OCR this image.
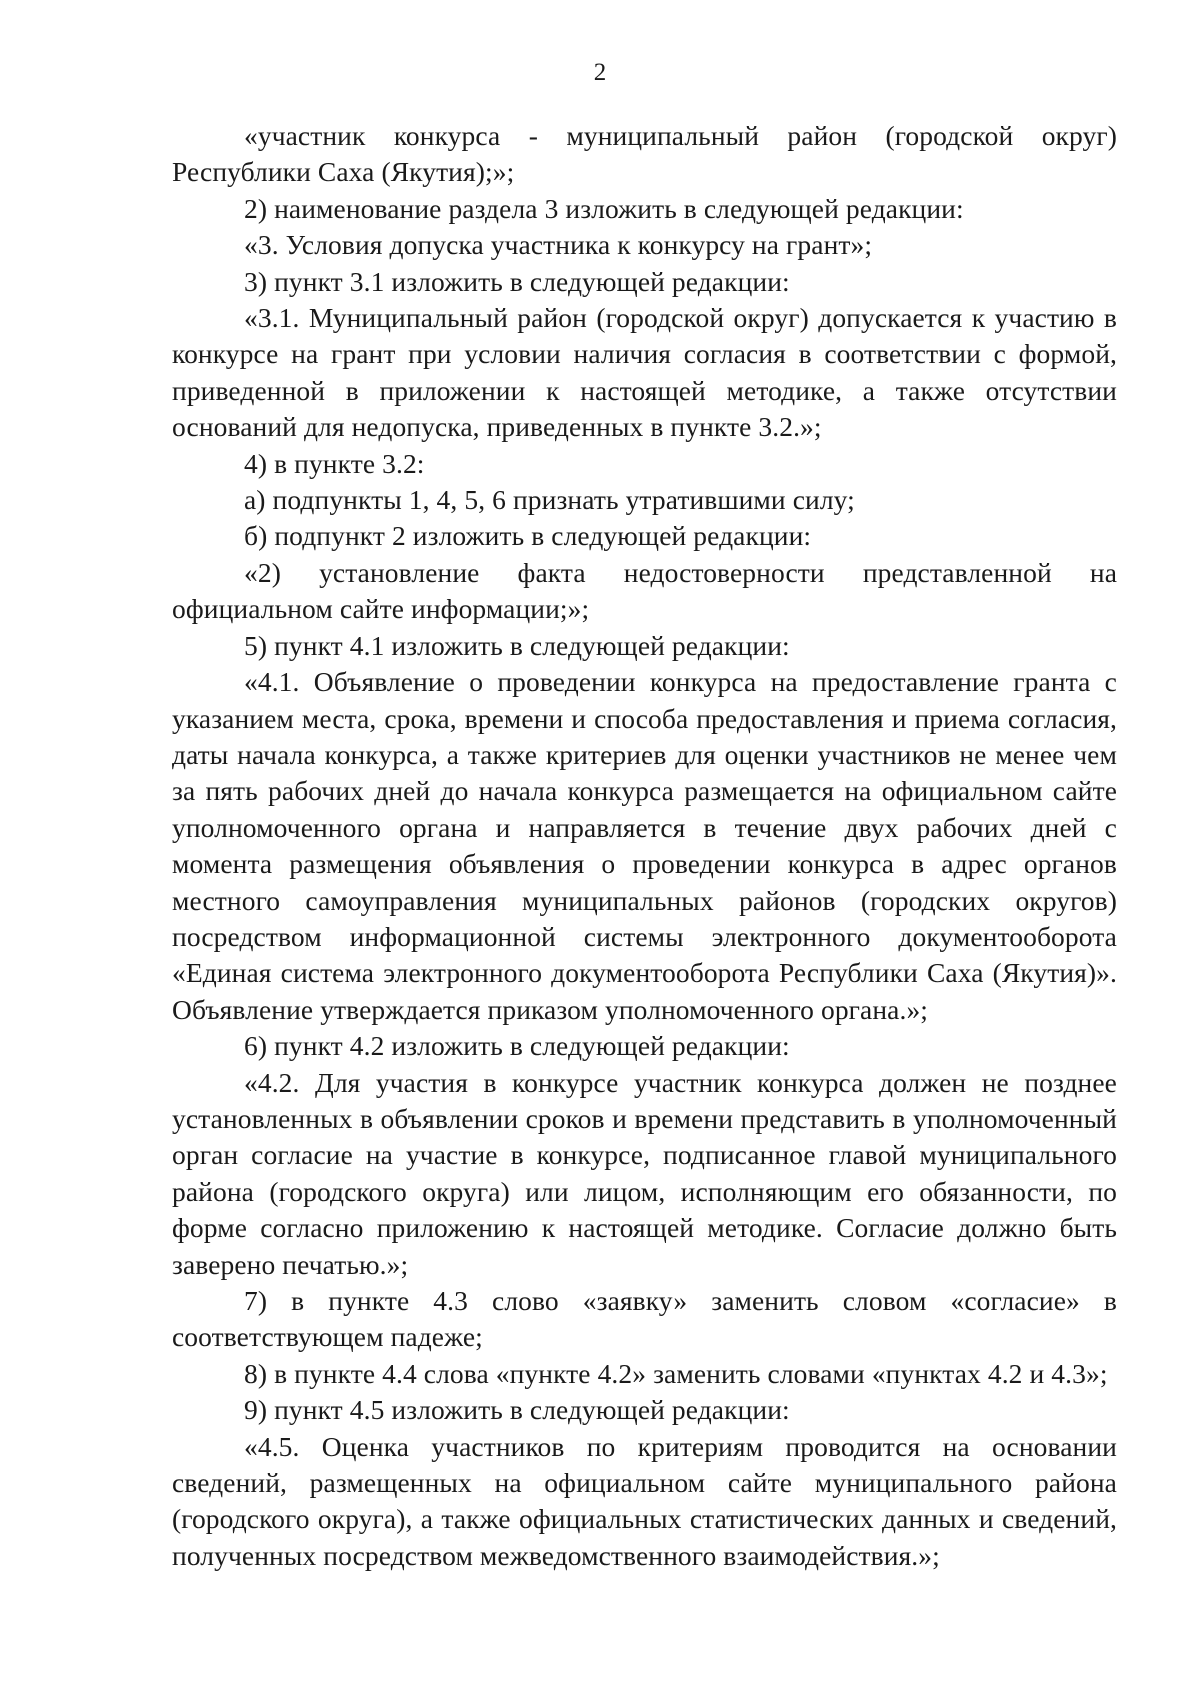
2

«участник конкурса - муниципальный район (городской округ) Республики Саха (Якутия);»;

2) наименование раздела 3 изложить в следующей редакции:

«3. Условия допуска участника к конкурсу на грант»;

3) пункт 3.1 изложить в следующей редакции:

«3.1. Муниципальный район (городской округ) допускается к участию в конкурсе на грант при условии наличия согласия в соответствии с формой, приведенной в приложении к настоящей методике, а также отсутствии оснований для недопуска, приведенных в пункте 3.2.»;

4) в пункте 3.2:

а) подпункты 1, 4, 5, 6 признать утратившими силу;

б) подпункт 2 изложить в следующей редакции:

«2) установление факта недостоверности представленной на официальном сайте информации;»;

5) пункт 4.1 изложить в следующей редакции:

«4.1. Объявление о проведении конкурса на предоставление гранта с указанием места, срока, времени и способа предоставления и приема согласия, даты начала конкурса, а также критериев для оценки участников не менее чем за пять рабочих дней до начала конкурса размещается на официальном сайте уполномоченного органа и направляется в течение двух рабочих дней с момента размещения объявления о проведении конкурса в адрес органов местного самоуправления муниципальных районов (городских округов) посредством информационной системы электронного документооборота «Единая система электронного документооборота Республики Саха (Якутия)». Объявление утверждается приказом уполномоченного органа.»;

6) пункт 4.2 изложить в следующей редакции:

«4.2. Для участия в конкурсе участник конкурса должен не позднее установленных в объявлении сроков и времени представить в уполномоченный орган согласие на участие в конкурсе, подписанное главой муниципального района (городского округа) или лицом, исполняющим его обязанности, по форме согласно приложению к настоящей методике. Согласие должно быть заверено печатью.»;

7) в пункте 4.3 слово «заявку» заменить словом «согласие» в соответствующем падеже;

8) в пункте 4.4 слова «пункте 4.2» заменить словами «пунктах 4.2 и 4.3»;

9) пункт 4.5 изложить в следующей редакции:

«4.5. Оценка участников по критериям проводится на основании сведений, размещенных на официальном сайте муниципального района (городского округа), а также официальных статистических данных и сведений, полученных посредством межведомственного взаимодействия.»;
